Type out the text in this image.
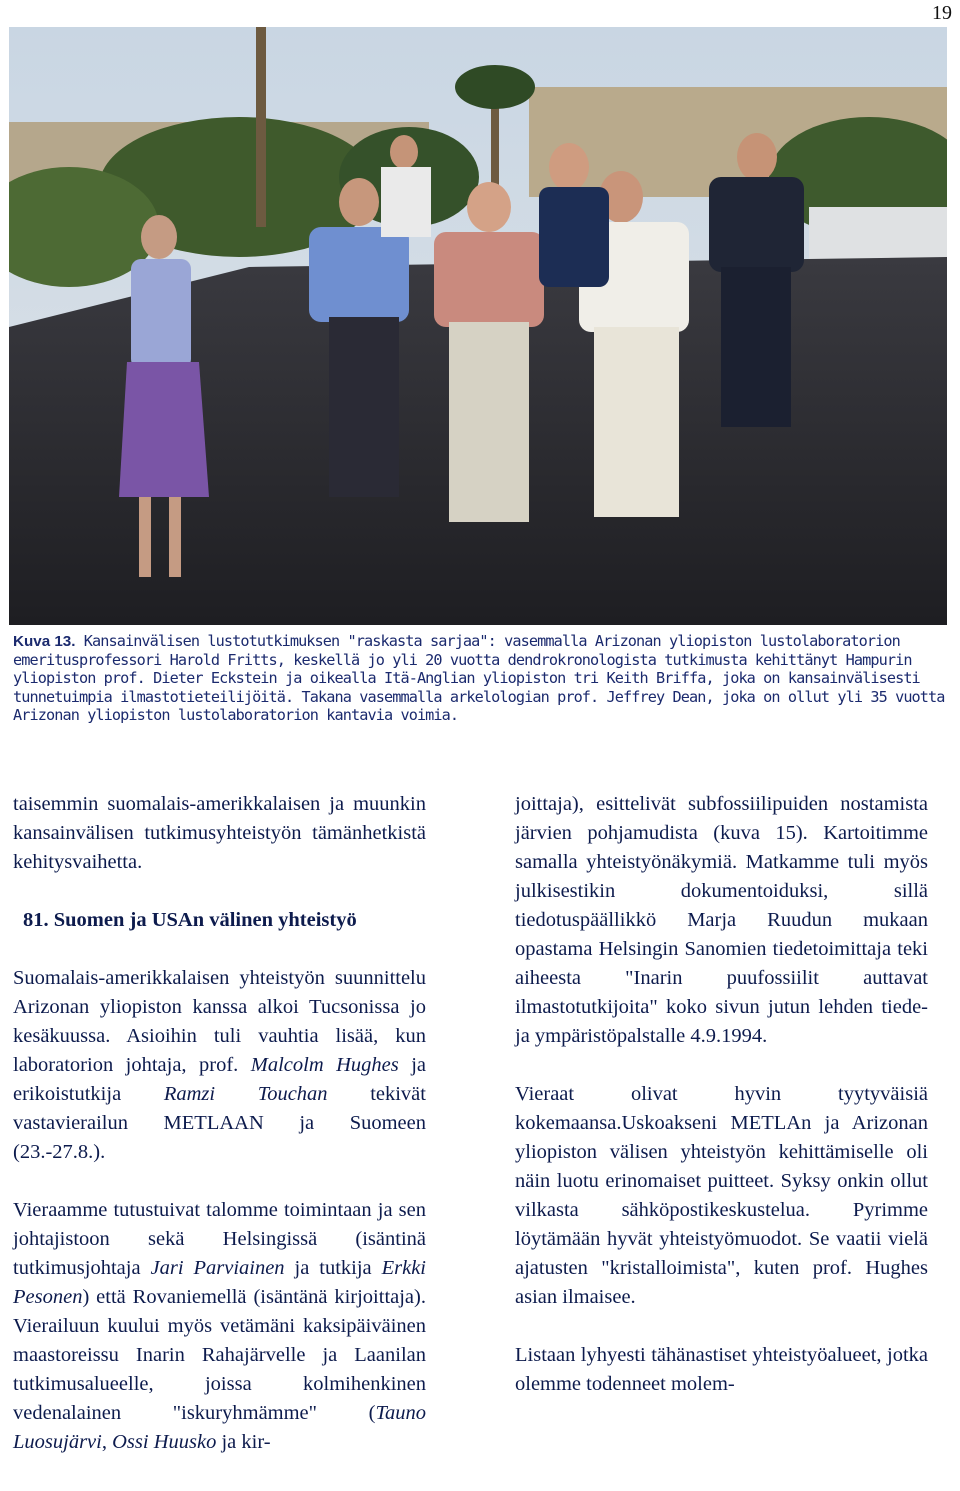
19
Kuva 13. Kansainvälisen lustotutkimuksen "raskasta sarjaa": vasemmalla Arizonan yliopiston lustolaboratorion emeritusprofessori Harold Fritts, keskellä jo yli 20 vuotta dendrokronologista tutkimusta kehittänyt Hampurin yliopiston prof. Dieter Eckstein ja oikealla Itä-Anglian yliopiston tri Keith Briffa, joka on kansainvälisesti tunnetuimpia ilmastotieteilijöitä. Takana vasemmalla arkelologian prof. Jeffrey Dean, joka on ollut yli 35 vuotta Arizonan yliopiston lustolaboratorion kantavia voimia.

taisemmin suomalais-amerikkalaisen ja muunkin kansainvälisen tutkimusyhteistyön tämänhetkistä kehitysvaihetta.

81. Suomen ja USAn välinen yhteistyö

Suomalais-amerikkalaisen yhteistyön suunnittelu Arizonan yliopiston kanssa alkoi Tucsonissa jo kesäkuussa. Asioihin tuli vauhtia lisää, kun laboratorion johtaja, prof. Malcolm Hughes ja erikoistutkija Ramzi Touchan tekivät vastavierailun METLAAN ja Suomeen (23.-27.8.).

Vieraamme tutustuivat talomme toimintaan ja sen johtajistoon sekä Helsingissä (isäntinä tutkimusjohtaja Jari Parviainen ja tutkija Erkki Pesonen) että Rovaniemellä (isäntänä kirjoittaja). Vierailuun kuului myös vetämäni kaksipäiväinen maastoreissu Inarin Rahajärvelle ja Laanilan tutkimusalueelle, joissa kolmihenkinen vedenalainen "iskuryhmämme" (Tauno Luosujärvi, Ossi Huusko ja kir-

joittaja), esittelivät subfossiilipuiden nostamista järvien pohjamudista (kuva 15). Kartoitimme samalla yhteistyönäkymiä. Matkamme tuli myös julkisestikin dokumentoiduksi, sillä tiedotuspäällikkö Marja Ruudun mukaan opastama Helsingin Sanomien tiedetoimittaja teki aiheesta "Inarin puufossiilit auttavat ilmastotutkijoita" koko sivun jutun lehden tiede- ja ympäristöpalstalle 4.9.1994.

Vieraat olivat hyvin tyytyväisiä kokemaansa.Uskoakseni METLAn ja Arizonan yliopiston välisen yhteistyön kehittämiselle oli näin luotu erinomaiset puitteet. Syksy onkin ollut vilkasta sähköpostikeskustelua. Pyrimme löytämään hyvät yhteistyömuodot. Se vaatii vielä ajatusten "kristalloimista", kuten prof. Hughes asian ilmaisee.

Listaan lyhyesti tähänastiset yhteistyöalueet, jotka olemme todenneet molem-
